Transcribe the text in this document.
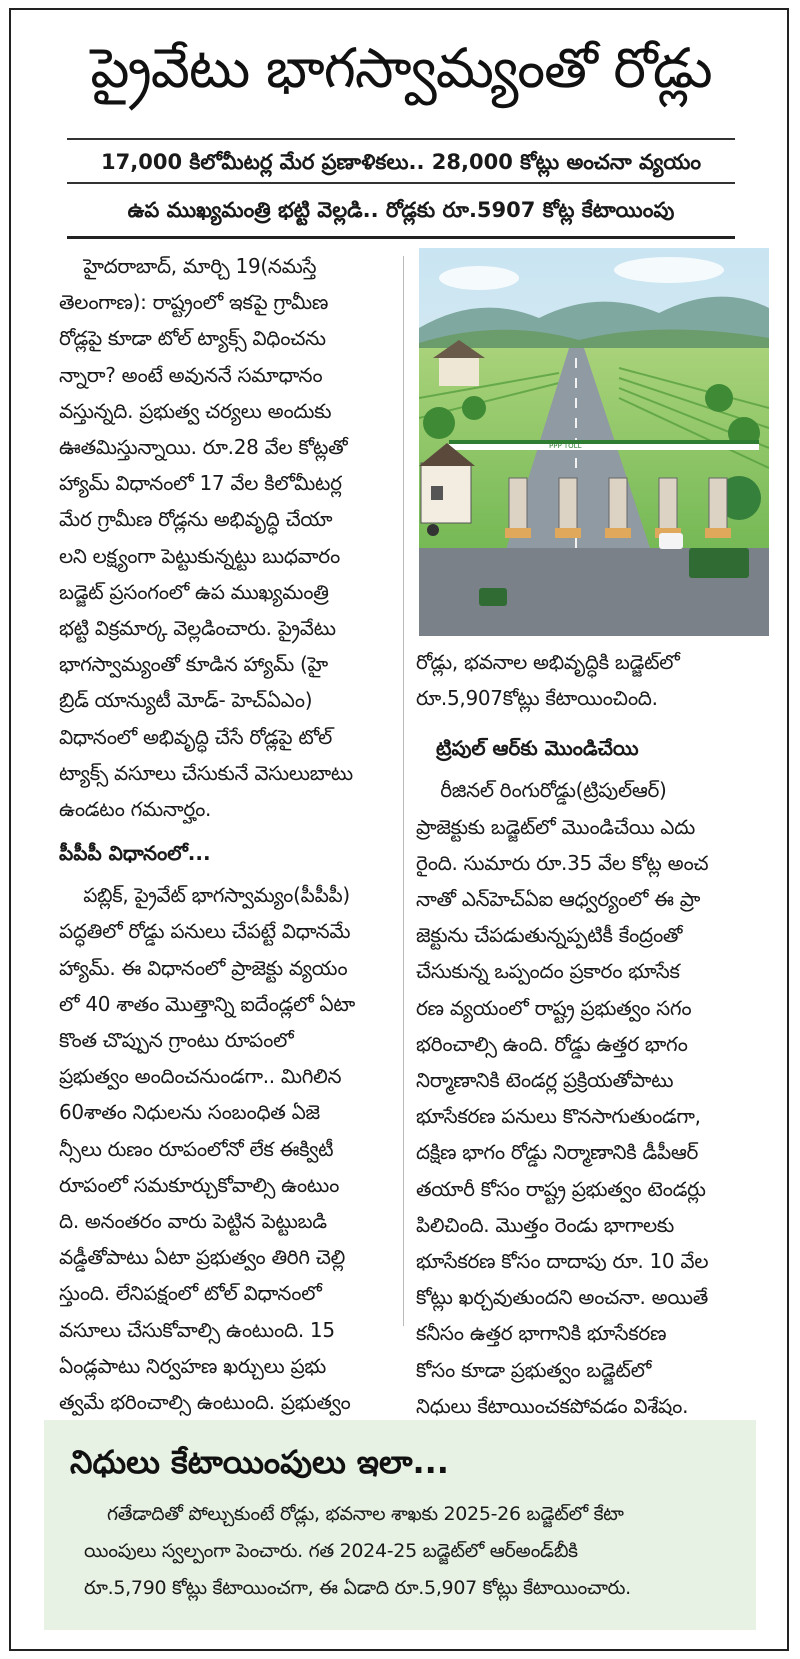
ప్రైవేటు భాగస్వామ్యంతో రోడ్లు
17,000 కిలోమీటర్ల మేర ప్రణాళికలు.. 28,000 కోట్లు అంచనా వ్యయం
ఉప ముఖ్యమంత్రి భట్టి వెల్లడి.. రోడ్లకు రూ.5907 కోట్ల కేటాయింపు
హైదరాబాద్, మార్చి 19(నమస్తే
తెలంగాణ): రాష్ట్రంలో ఇకపై గ్రామీణ
రోడ్లపై కూడా టోల్ ట్యాక్స్ విధించను
న్నారా? అంటే అవుననే సమాధానం
వస్తున్నది. ప్రభుత్వ చర్యలు అందుకు
ఊతమిస్తున్నాయి. రూ.28 వేల కోట్లతో
హ్యామ్ విధానంలో 17 వేల కిలోమీటర్ల
మేర గ్రామీణ రోడ్లను అభివృద్ధి చేయా
లని లక్ష్యంగా పెట్టుకున్నట్టు బుధవారం
బడ్జెట్ ప్రసంగంలో ఉప ముఖ్యమంత్రి
భట్టి విక్రమార్క వెల్లడించారు. ప్రైవేటు
భాగస్వామ్యంతో కూడిన హ్యామ్ (హై
బ్రిడ్ యాన్యుటీ మోడ్- హెచ్ఏఎం)
విధానంలో అభివృద్ధి చేసే రోడ్లపై టోల్
ట్యాక్స్ వసూలు చేసుకునే వెసులుబాటు
ఉండటం గమనార్హం.
పీపీపీ విధానంలో...
పబ్లిక్, ప్రైవేట్ భాగస్వామ్యం(పీపీపీ)
పద్ధతిలో రోడ్డు పనులు చేపట్టే విధానమే
హ్యామ్. ఈ విధానంలో ప్రాజెక్టు వ్యయం
లో 40 శాతం మొత్తాన్ని ఐదేండ్లలో ఏటా
కొంత చొప్పున గ్రాంటు రూపంలో
ప్రభుత్వం అందించనుండగా.. మిగిలిన
60శాతం నిధులను సంబంధిత ఏజె
న్సీలు రుణం రూపంలోనో లేక ఈక్విటీ
రూపంలో సమకూర్చుకోవాల్సి ఉంటుం
ది. అనంతరం వారు పెట్టిన పెట్టుబడి
వడ్డీతోపాటు ఏటా ప్రభుత్వం తిరిగి చెల్లి
స్తుంది. లేనిపక్షంలో టోల్ విధానంలో
వసూలు చేసుకోవాల్సి ఉంటుంది. 15
ఏండ్లపాటు నిర్వహణ ఖర్చులు ప్రభు
త్వమే భరించాల్సి ఉంటుంది. ప్రభుత్వం
PPP TOLL
రోడ్లు, భవనాల అభివృద్ధికి బడ్జెట్‌లో
రూ.5,907కోట్లు కేటాయించింది.
ట్రిపుల్ ఆర్‌కు మొండిచేయి
రీజినల్ రింగురోడ్డు(ట్రిపుల్ఆర్)
ప్రాజెక్టుకు బడ్జెట్‌లో మొండిచేయి ఎదు
రైంది. సుమారు రూ.35 వేల కోట్ల అంచ
నాతో ఎన్‌హెచ్ఏఐ ఆధ్వర్యంలో ఈ ప్రా
జెక్టును చేపడుతున్నప్పటికీ కేంద్రంతో
చేసుకున్న ఒప్పందం ప్రకారం భూసేక
రణ వ్యయంలో రాష్ట్ర ప్రభుత్వం సగం
భరించాల్సి ఉంది. రోడ్డు ఉత్తర భాగం
నిర్మాణానికి టెండర్ల ప్రక్రియతోపాటు
భూసేకరణ పనులు కొనసాగుతుండగా,
దక్షిణ భాగం రోడ్డు నిర్మాణానికి డీపీఆర్
తయారీ కోసం రాష్ట్ర ప్రభుత్వం టెండర్లు
పిలిచింది. మొత్తం రెండు భాగాలకు
భూసేకరణ కోసం దాదాపు రూ. 10 వేల
కోట్లు ఖర్చవుతుందని అంచనా. అయితే
కనీసం ఉత్తర భాగానికి భూసేకరణ
కోసం కూడా ప్రభుత్వం బడ్జెట్‌లో
నిధులు కేటాయించకపోవడం విశేషం.
నిధులు కేటాయింపులు ఇలా...
గతేడాదితో పోల్చుకుంటే రోడ్లు, భవనాల శాఖకు 2025-26 బడ్జెట్‌లో కేటా
యింపులు స్వల్పంగా పెంచారు. గత 2024-25 బడ్జెట్‌లో ఆర్అండ్‌బీకి
రూ.5,790 కోట్లు కేటాయించగా, ఈ ఏడాది రూ.5,907 కోట్లు కేటాయించారు.
